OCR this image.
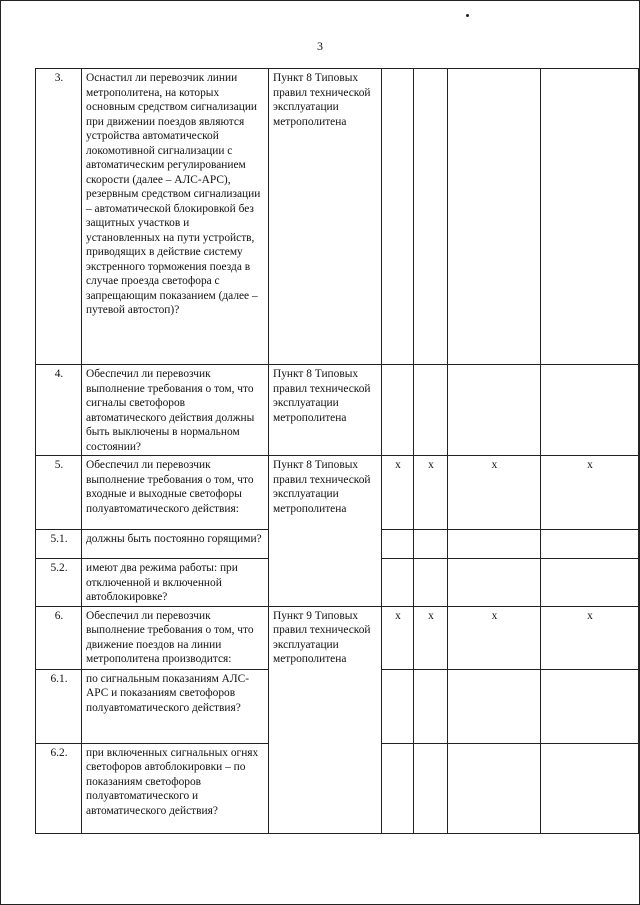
3
3.	Оснастил ли перевозчик линии метрополитена, на которых основным средством сигнализации при движении поездов являются устройства автоматической локомотивной сигнализации с автоматическим регулированием скорости (далее – АЛС-АРС), резервным средством сигнализации – автоматической блокировкой без защитных участков и установленных на пути устройств, приводящих в действие систему экстренного торможения поезда в случае проезда светофора с запрещающим показанием (далее – путевой автостоп)?	Пункт 8 Типовых правил технической эксплуатации метрополитена				
4.	Обеспечил ли перевозчик выполнение требования о том, что сигналы светофоров автоматического действия должны быть выключены в нормальном состоянии?	Пункт 8 Типовых правил технической эксплуатации метрополитена				
5.	Обеспечил ли перевозчик выполнение требования о том, что входные и выходные светофоры полуавтоматического действия:	Пункт 8 Типовых правил технической эксплуатации метрополитена	x	x	x	x
5.1.	должны быть постоянно горящими?					
5.2.	имеют два режима работы: при отключенной и включенной автоблокировке?					
6.	Обеспечил ли перевозчик выполнение требования о том, что движение поездов на линии метрополитена производится:	Пункт 9 Типовых правил технической эксплуатации метрополитена	x	x	x	x
6.1.	по сигнальным показаниям АЛС-АРС и показаниям светофоров полуавтоматического действия?					
6.2.	при включенных сигнальных огнях светофоров автоблокировки – по показаниям светофоров полуавтоматического и автоматического действия?					
